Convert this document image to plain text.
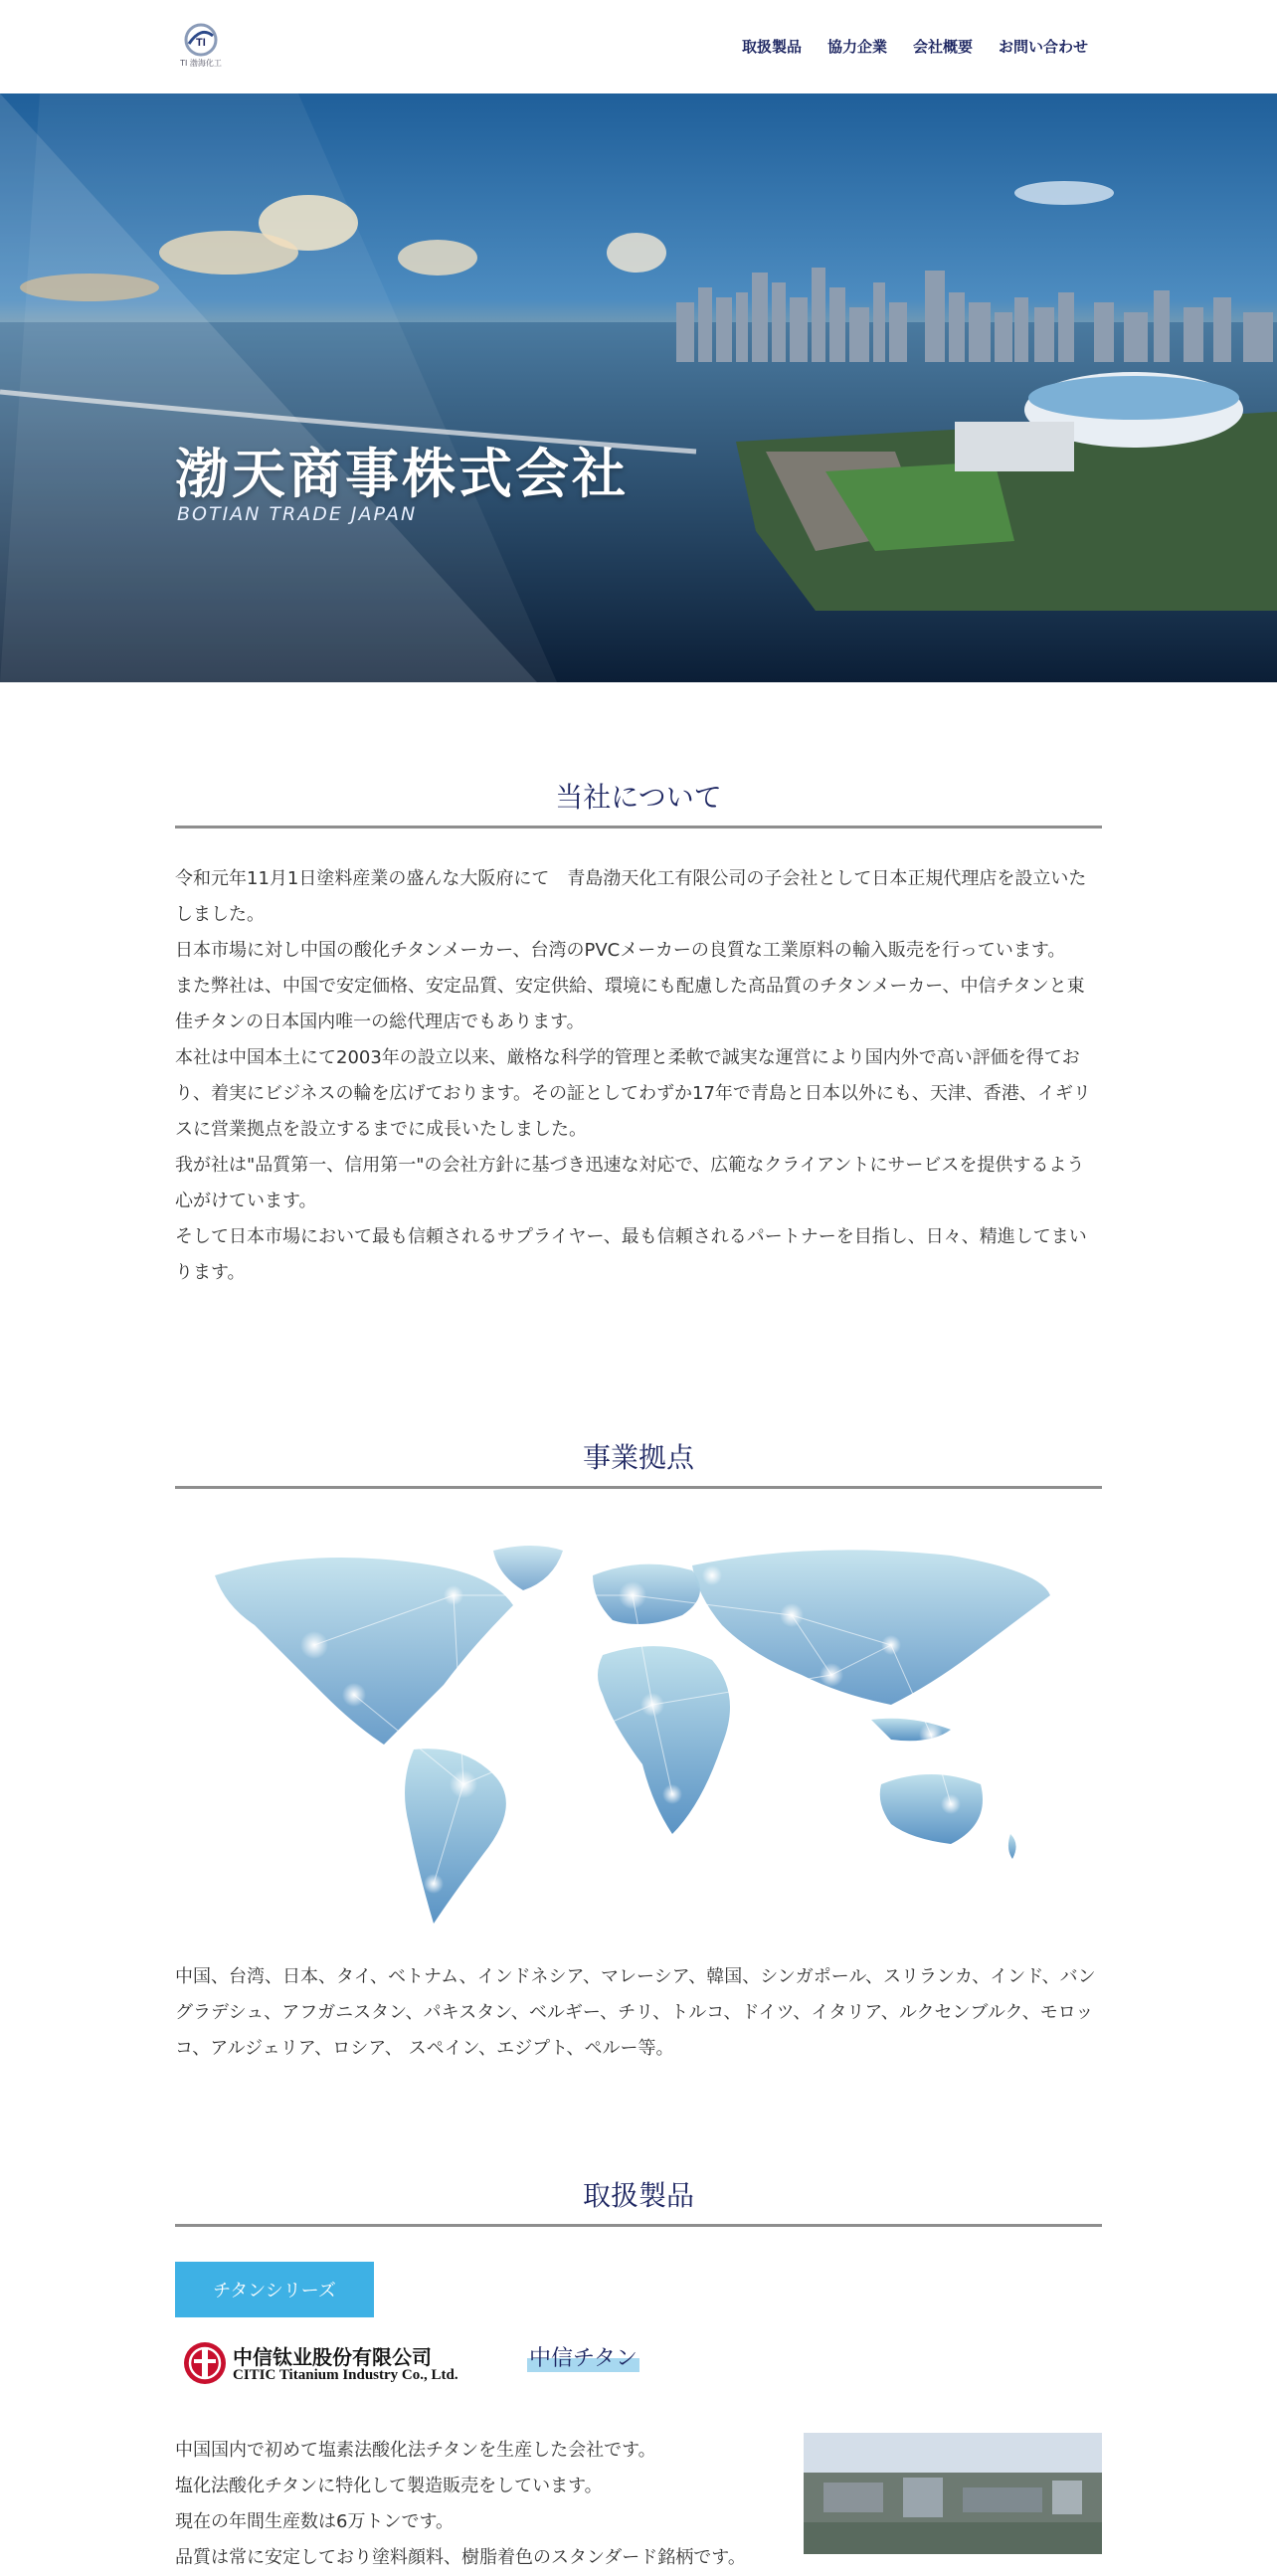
TI
TI 渤海化工
取扱製品 協力企業 会社概要 お問い合わせ
渤天商事株式会社
BOTIAN TRADE JAPAN
当社について

令和元年11月1日塗料産業の盛んな大阪府にて　青島渤天化工有限公司の子会社として日本正規代理店を設立いたしました。

日本市場に対し中国の酸化チタンメーカー、台湾のPVCメーカーの良質な工業原料の輸入販売を行っています。

また弊社は、中国で安定価格、安定品質、安定供給、環境にも配慮した高品質のチタンメーカー、中信チタンと東佳チタンの日本国内唯一の総代理店でもあります。

本社は中国本土にて2003年の設立以来、厳格な科学的管理と柔軟で誠実な運営により国内外で高い評価を得ており、着実にビジネスの輪を広げております。その証としてわずか17年で青島と日本以外にも、天津、香港、イギリスに営業拠点を設立するまでに成長いたしました。

我が社は"品質第一、信用第一"の会社方針に基づき迅速な対応で、広範なクライアントにサービスを提供するよう心がけています。

そして日本市場において最も信頼されるサプライヤー、最も信頼されるパートナーを目指し、日々、精進してまいります。

事業拠点
中国、台湾、日本、タイ、ベトナム、インドネシア、マレーシア、韓国、シンガポール、スリランカ、インド、バングラデシュ、アフガニスタン、パキスタン、ベルギー、チリ、トルコ、ドイツ、イタリア、ルクセンブルク、モロッコ、アルジェリア、ロシア、 スペイン、エジプト、ペルー等。
取扱製品
チタンシリーズ
中信钛业股份有限公司
CITIC Titanium Industry Co., Ltd.
中信チタン

中国国内で初めて塩素法酸化法チタンを生産した会社です。

塩化法酸化チタンに特化して製造販売をしています。

現在の年間生産数は6万トンです。

品質は常に安定しており塗料顔料、樹脂着色のスタンダード銘柄です。
